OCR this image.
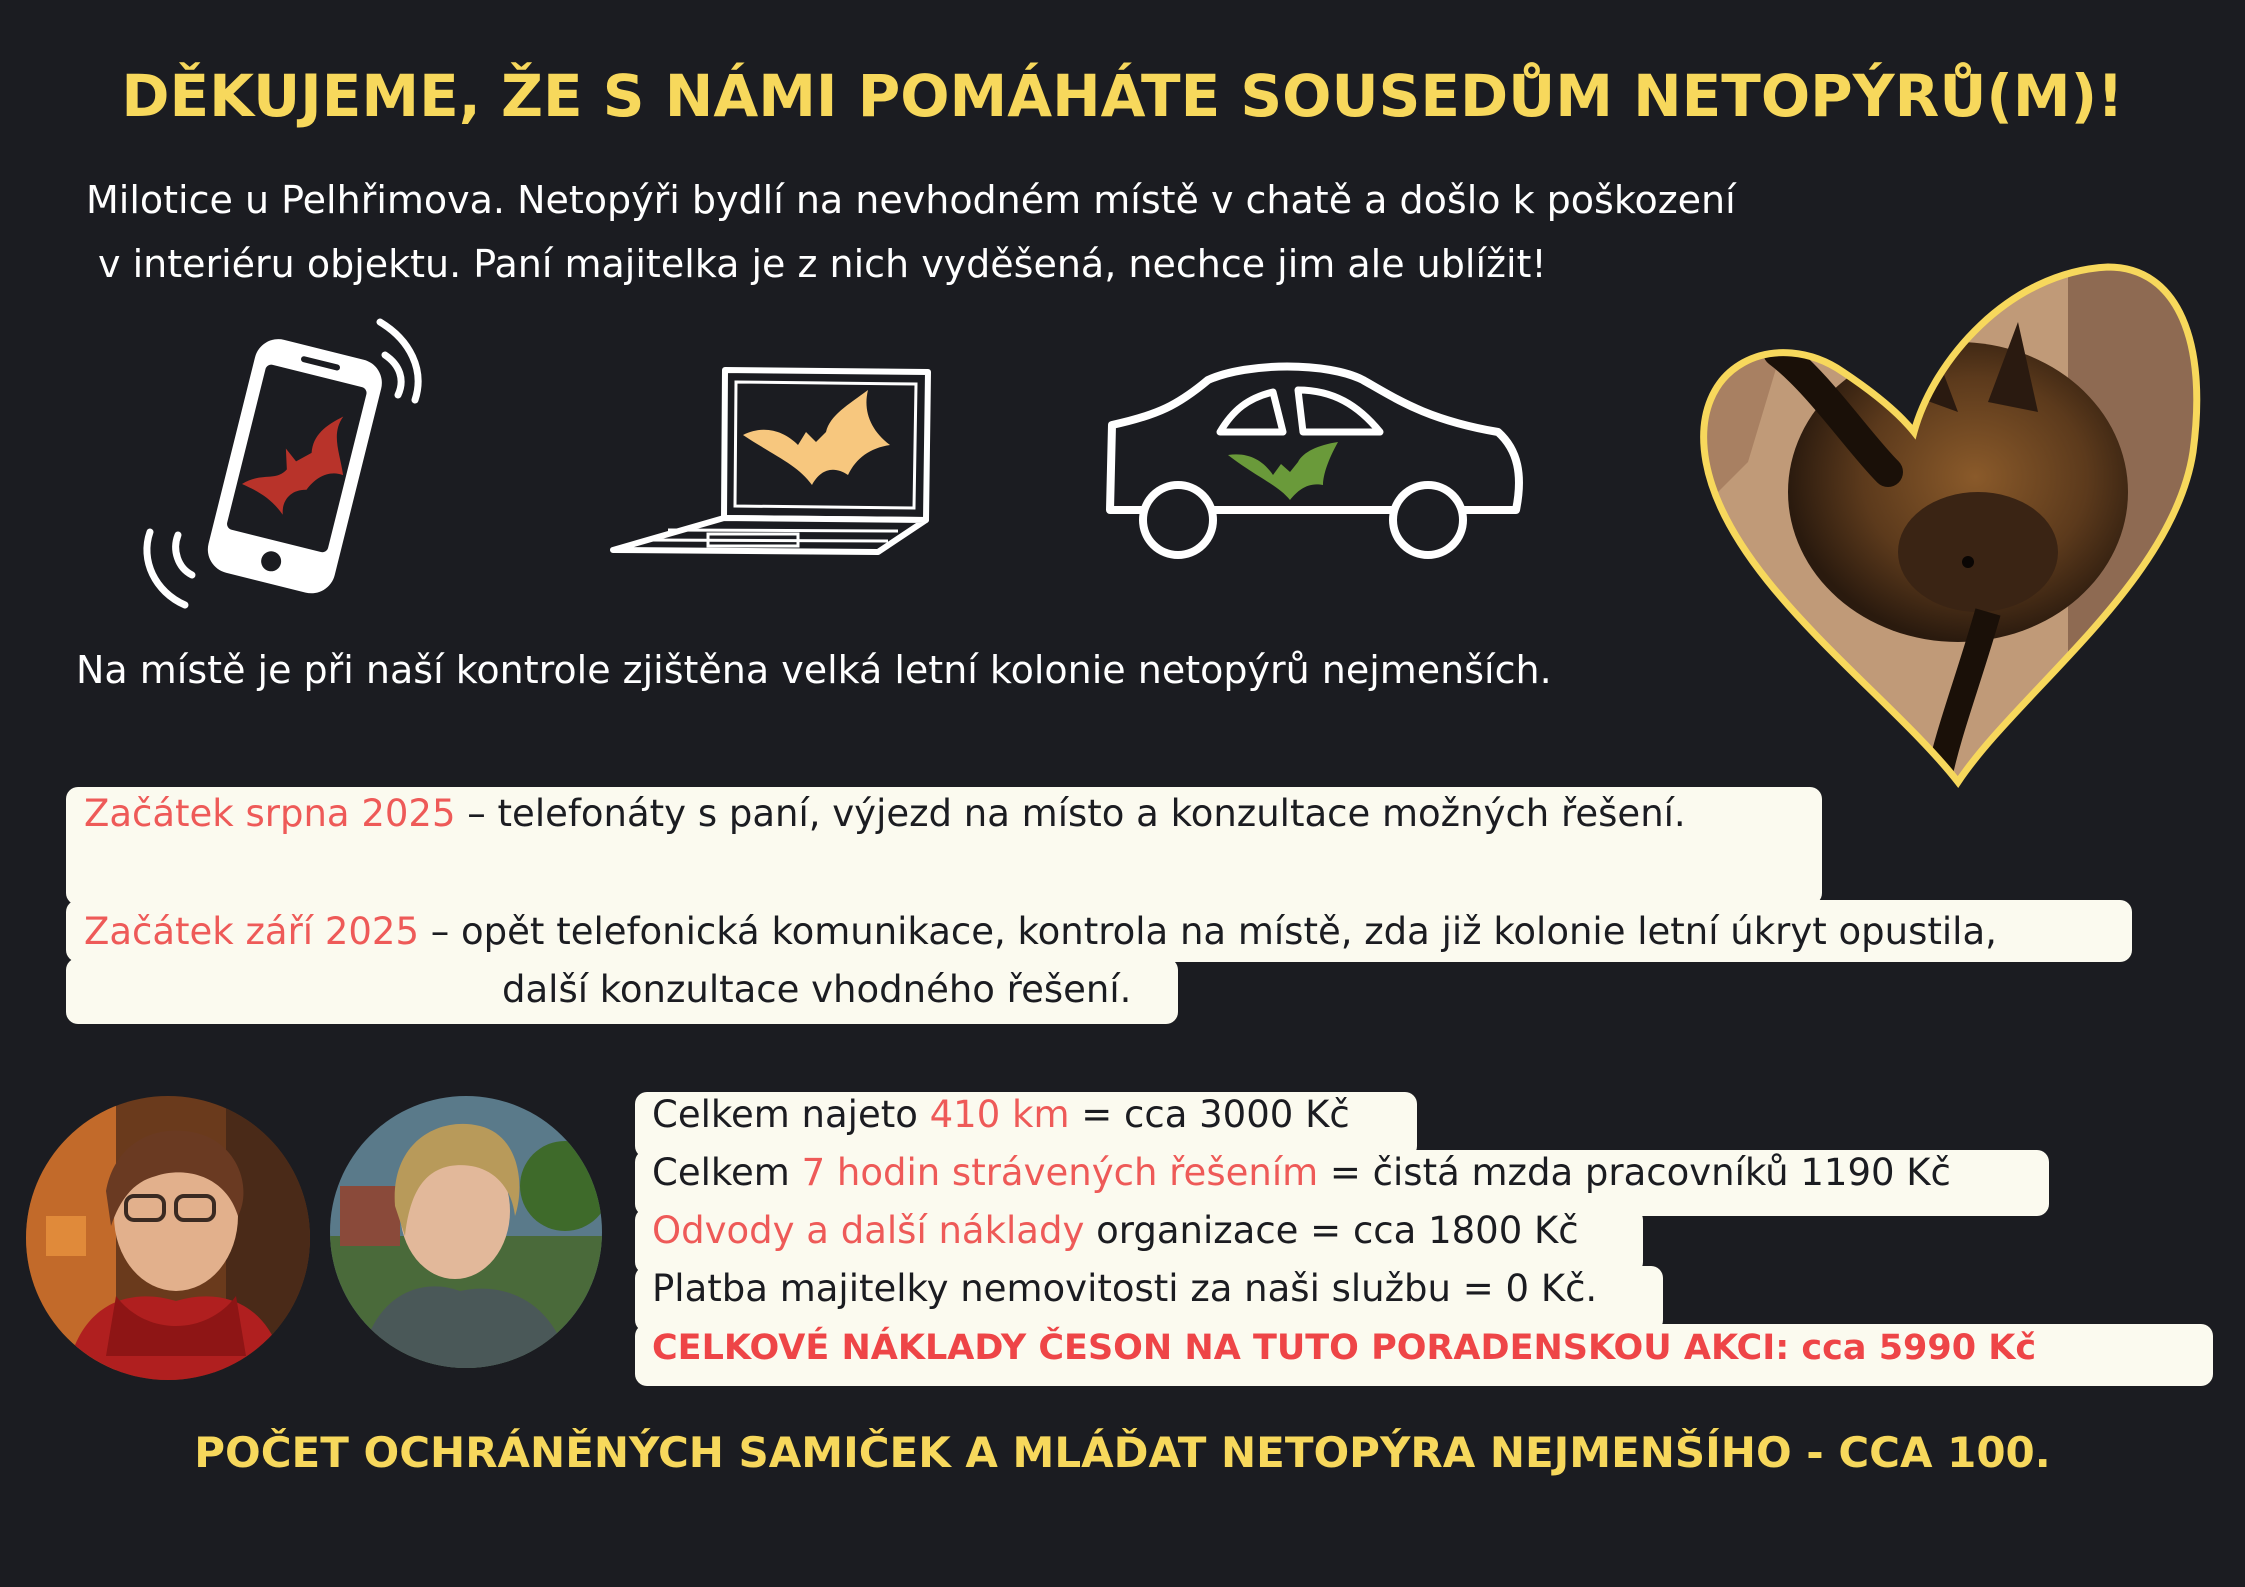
DĚKUJEME, ŽE S NÁMI POMÁHÁTE SOUSEDŮM NETOPÝRŮ(M)!
Milotice u Pelhřimova. Netopýři bydlí na nevhodném místě v chatě a došlo k poškození
v interiéru objektu. Paní majitelka je z nich vyděšená, nechce jim ale ublížit!
Na místě je při naší kontrole zjištěna velká letní kolonie netopýrů nejmenších.
Začátek srpna 2025 – telefonáty s paní, výjezd na místo a konzultace možných řešení.
Začátek září 2025 – opět telefonická komunikace, kontrola na místě, zda již kolonie letní úkryt opustila,
další konzultace vhodného řešení.
Celkem najeto 410 km = cca 3000 Kč
Celkem 7 hodin strávených řešením = čistá mzda pracovníků 1190 Kč
Odvody a další náklady organizace = cca 1800 Kč
Platba majitelky nemovitosti za naši službu = 0 Kč.
CELKOVÉ NÁKLADY ČESON NA TUTO PORADENSKOU AKCI: cca 5990 Kč
POČET OCHRÁNĚNÝCH SAMIČEK A MLÁĎAT NETOPÝRA NEJMENŠÍHO - CCA 100.
